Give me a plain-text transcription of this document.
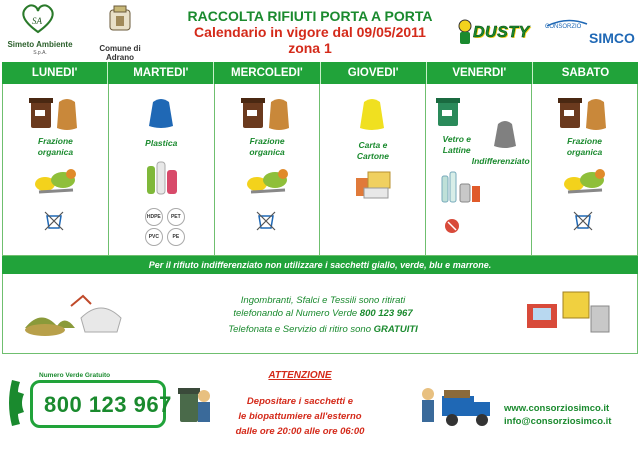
SA
Simeto Ambiente
S.p.A.	Comune di Adrano
RACCOLTA RIFIUTI PORTA A PORTA
Calendario in vigore dal 09/05/2011
zona 1
DUSTY	CONSORZIO
SIMCO
LUNEDI'	MARTEDI'	MERCOLEDI'	GIOVEDI'	VENERDI'	SABATO
Frazione
organica
Plastica
HDPE	PET
PVC	PE
Frazione
organica
Carta e
Cartone
Vetro e
Lattine
Indifferenziato
Frazione
organica
Per il rifiuto indifferenziato non utilizzare i sacchetti giallo, verde, blu e marrone.
Ingombranti, Sfalci e Tessili sono ritirati
telefonando al Numero Verde 800 123 967
Telefonata e Servizio di ritiro sono GRATUITI
Numero Verde Gratuito
800 123 967
ATTENZIONE
Depositare i sacchetti e
le biopattumiere all'esterno
dalle ore 20:00 alle ore 06:00
www.consorziosimco.it
info@consorziosimco.it
